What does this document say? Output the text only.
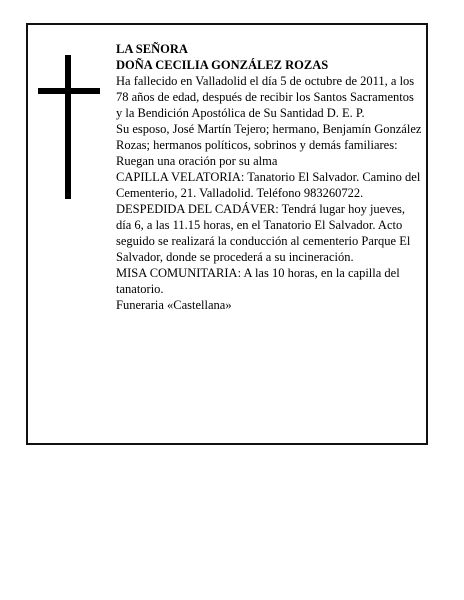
LA SEÑORA

DOÑA CECILIA GONZÁLEZ ROZAS

Ha fallecido en Valladolid el día 5 de octubre de 2011, a los 78 años de edad, después de recibir los Santos Sacramentos y la Bendición Apostólica de Su Santidad D. E. P.

Su esposo, José Martín Tejero; hermano, Benjamín González Rozas; hermanos políticos, sobrinos y demás familiares:

Ruegan una oración por su alma

CAPILLA VELATORIA: Tanatorio El Salvador. Camino del Cementerio, 21. Valladolid. Teléfono 983260722.

DESPEDIDA DEL CADÁVER: Tendrá lugar hoy jueves, día 6, a las 11.15 horas, en el Tanatorio El Salvador. Acto seguido se realizará la conducción al cementerio Parque El Salvador, donde se procederá a su incineración.

MISA COMUNITARIA: A las 10 horas, en la capilla del tanatorio.

Funeraria «Castellana»
